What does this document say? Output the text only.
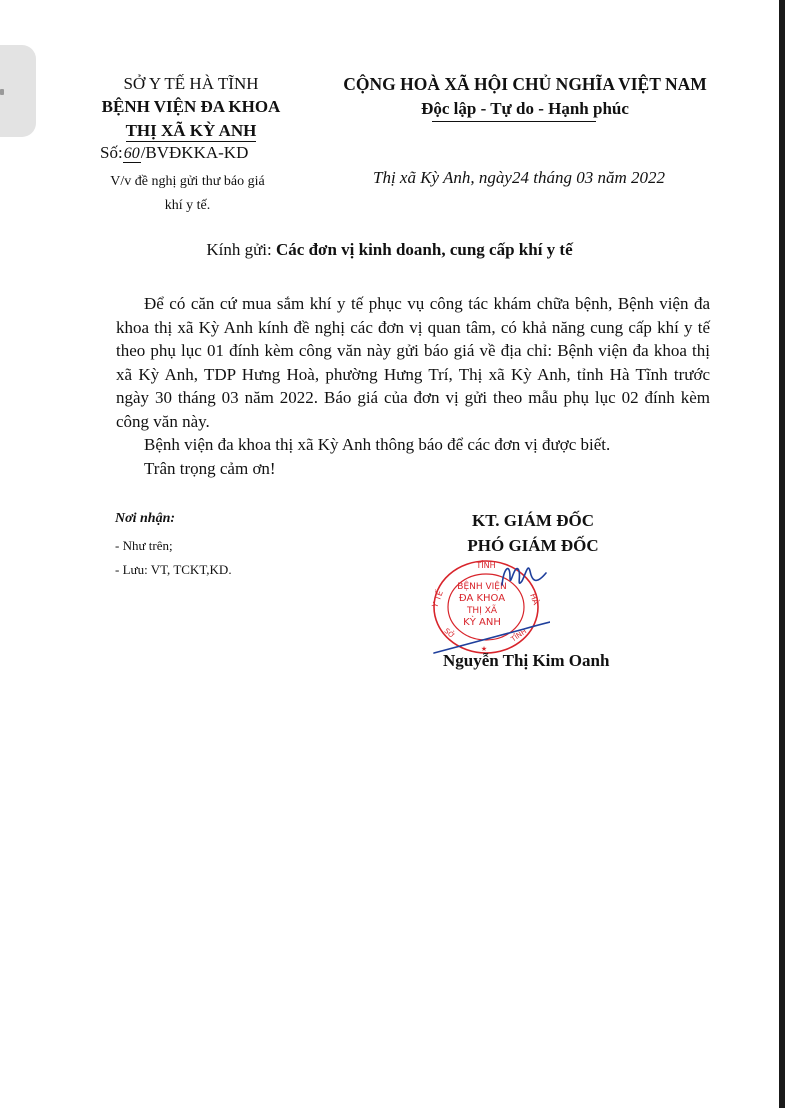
SỞ Y TẾ HÀ TĨNH
BỆNH VIỆN ĐA KHOA
THỊ XÃ KỲ ANH
Số:60/BVĐKKA-KD
V/v đề nghị gửi thư báo giá
khí y tế.
CỘNG HOÀ XÃ HỘI CHỦ NGHĨA VIỆT NAM
Độc lập - Tự do - Hạnh phúc
Thị xã Kỳ Anh, ngày24 tháng 03 năm 2022
Kính gửi: Các đơn vị kinh doanh, cung cấp khí y tế

Để có căn cứ mua sắm khí y tế phục vụ công tác khám chữa bệnh, Bệnh viện đa khoa thị xã Kỳ Anh kính đề nghị các đơn vị quan tâm, có khả năng cung cấp khí y tế theo phụ lục 01 đính kèm công văn này gửi báo giá về địa chỉ: Bệnh viện đa khoa thị xã Kỳ Anh, TDP Hưng Hoà, phường Hưng Trí, Thị xã Kỳ Anh, tỉnh Hà Tĩnh trước ngày 30 tháng 03 năm 2022. Báo giá của đơn vị gửi theo mẫu phụ lục 02 đính kèm công văn này.

Bệnh viện đa khoa thị xã Kỳ Anh thông báo để các đơn vị được biết.

Trân trọng cảm ơn!

Nơi nhận:
- Như trên;
- Lưu: VT, TCKT,KD.
KT. GIÁM ĐỐC
PHÓ GIÁM ĐỐC
TỈNH
Y TẾ	HÀ
TĨNH
SỞ
BỆNH VIỆN
ĐA KHOA
THỊ XÃ
KỲ ANH
★
Nguyễn Thị Kim Oanh
